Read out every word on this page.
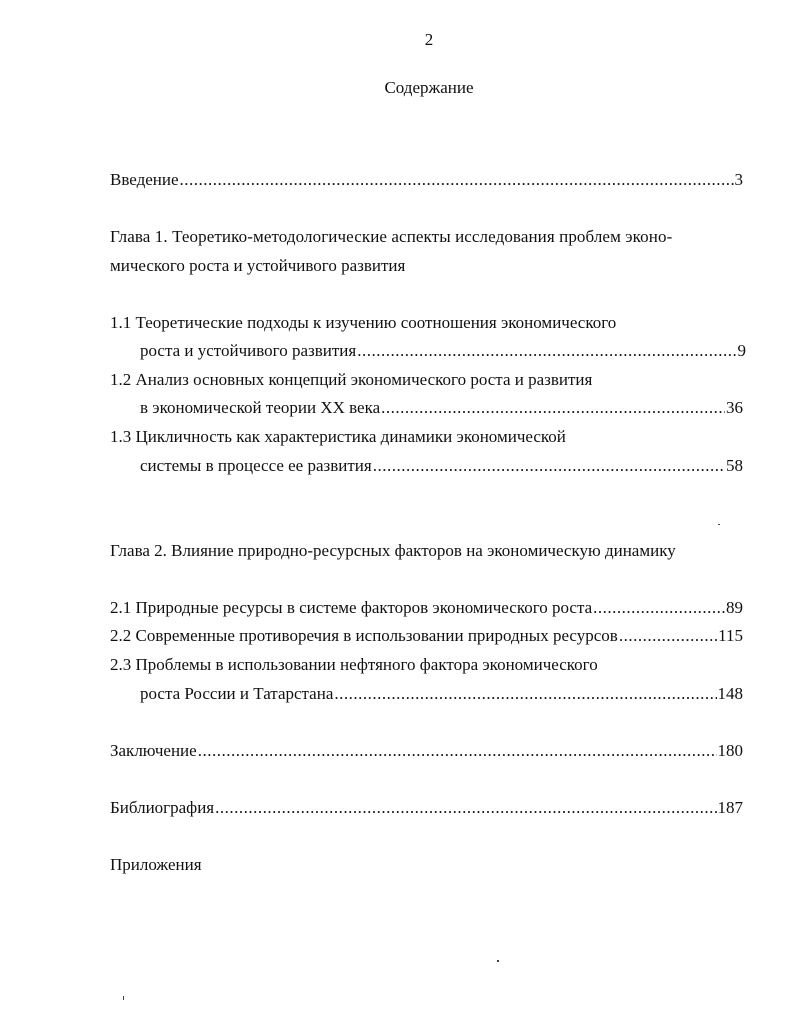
2
Содержание
Введение .....	3
Глава 1. Теоретико-методологические аспекты исследования проблем эконо-
мического роста и устойчивого развития
1.1 Теоретические подходы к изучению соотношения экономического
роста и устойчивого развития .....	9
1.2 Анализ основных концепций экономического роста и развития
в экономической теории XX века .....	36
1.3 Цикличность как характеристика динамики экономической
системы в процессе ее развития .....	58
Глава 2. Влияние природно-ресурсных факторов на экономическую динамику
2.1 Природные ресурсы в системе факторов экономического роста .....	89
2.2 Современные противоречия в использовании природных ресурсов .....	115
2.3 Проблемы в использовании нефтяного фактора экономического
роста России и Татарстана .....	148
Заключение .....	180
Библиография .....	187
Приложения
